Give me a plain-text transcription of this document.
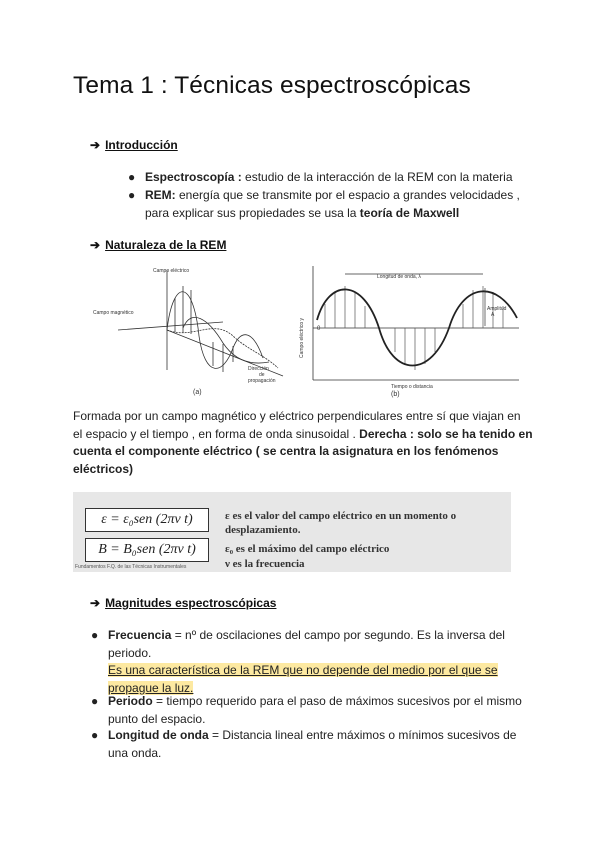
Tema 1 : Técnicas espectroscópicas
➔ Introducción
● Espectroscopía : estudio de la interacción de la REM con la materia
● REM: energía que se transmite por el espacio a grandes velocidades ,
para explicar sus propiedades se usa la teoría de Maxwell
➔ Naturaleza de la REM
Campo eléctrico
Campo magnético
Dirección
de
propagación
(a)
Longitud de onda, λ
Amplitud
A
0
Campo eléctrico y
Tiempo o distancia
(b)
Formada por un campo magnético y eléctrico perpendiculares entre sí que viajan en el espacio y el tiempo , en forma de onda sinusoidal . Derecha : solo se ha tenido en cuenta el componente eléctrico ( se centra la asignatura en los fenómenos eléctricos)
ε = ε₀sen (2πν t)
B = B₀sen (2πν t)
ε es el valor del campo eléctrico en un momento o
desplazamiento.
ε₀ es el máximo del campo eléctrico
ν es la frecuencia
Fundamentos F.Q. de las Técnicas Instrumentales
➔ Magnitudes espectroscópicas
● Frecuencia = nº de oscilaciones del campo por segundo. Es la inversa del periodo.
Es una característica de la REM que no depende del medio por el que se propague la luz.
● Periodo = tiempo requerido para el paso de máximos sucesivos por el mismo punto del espacio.
● Longitud de onda = Distancia lineal entre máximos o mínimos sucesivos de una onda.
